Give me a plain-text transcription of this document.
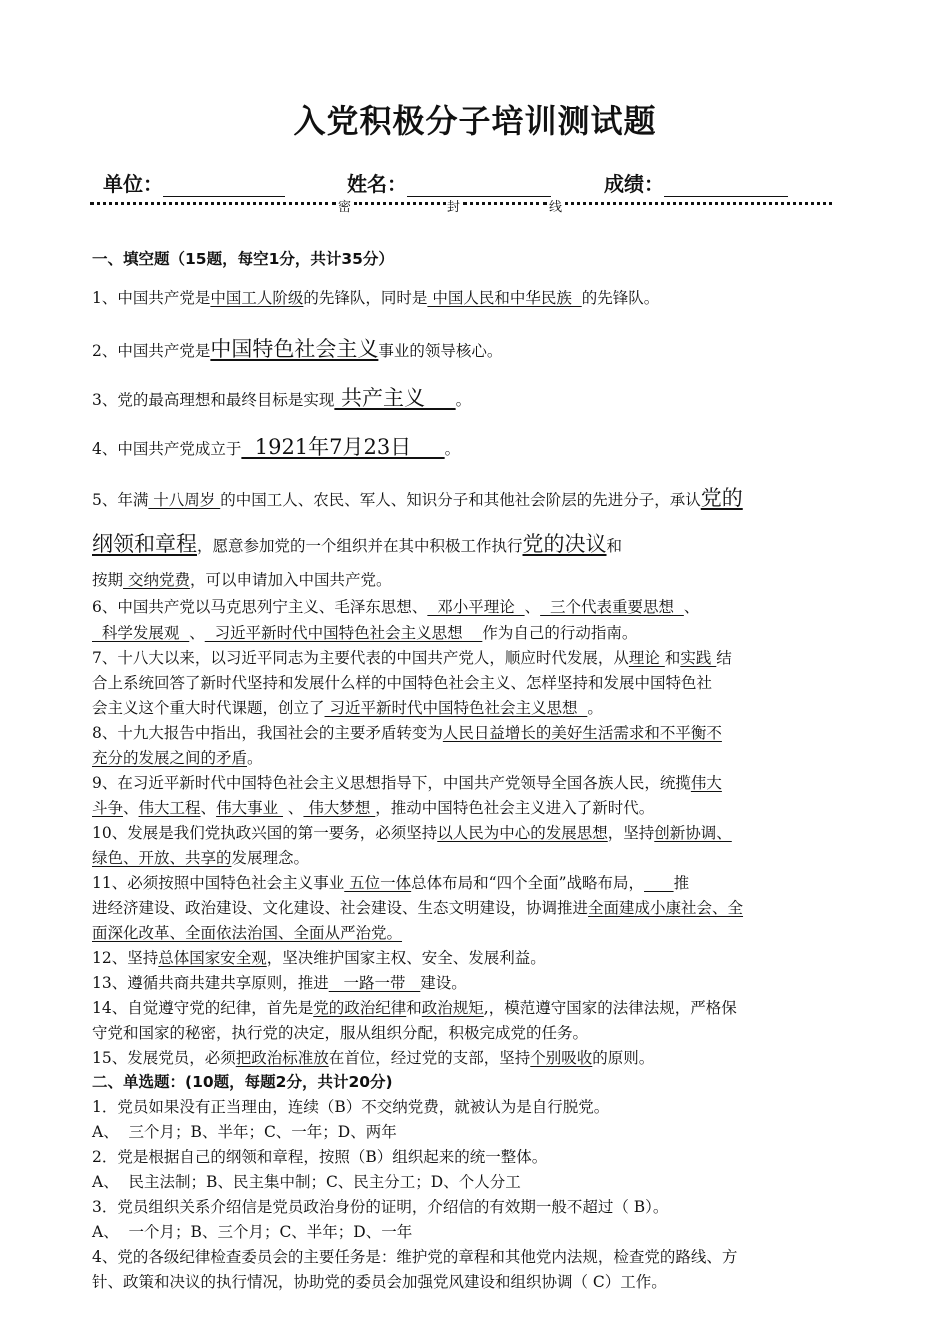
入党积极分子培训测试题
单位：	姓名：	成绩：
密	封	线
一、填空题（15题，每空1分，共计35分）
1、中国共产党是中国工人阶级的先锋队，同时是 中国人民和中华民族  的先锋队。
2、中国共产党是中国特色社会主义事业的领导核心。
3、党的最高理想和最终目标是实现 共产主义   _。
4、中国共产党成立于  1921年7月23日     。
5、年满 十八周岁 的中国工人、农民、军人、知识分子和其他社会阶层的先进分子，承认党的
纲领和章程，愿意参加党的一个组织并在其中积极工作执行党的决议和
按期 交纳党费，可以申请加入中国共产党。
6、中国共产党以马克思列宁主义、毛泽东思想、  邓小平理论  、  三个代表重要思想  、
科学发展观  、  习近平新时代中国特色社会主义思想    作为自己的行动指南。
7、十八大以来，以习近平同志为主要代表的中国共产党人，顺应时代发展，从理论 和实践 结
合上系统回答了新时代坚持和发展什么样的中国特色社会主义、怎样坚持和发展中国特色社
会主义这个重大时代课题，创立了 习近平新时代中国特色社会主义思想  。
8、十九大报告中指出，我国社会的主要矛盾转变为人民日益增长的美好生活需求和不平衡不
充分的发展之间的矛盾。
9、在习近平新时代中国特色社会主义思想指导下，中国共产党领导全国各族人民，统揽伟大
斗争、伟大工程、伟大事业  、 伟大梦想 ，推动中国特色社会主义进入了新时代。
10、发展是我们党执政兴国的第一要务，必须坚持以人民为中心的发展思想，坚持创新协调、
绿色、开放、共享的发展理念。
11、必须按照中国特色社会主义事业 五位一体总体布局和“四个全面”战略布局， 推
进经济建设、政治建设、文化建设、社会建设、生态文明建设，协调推进全面建成小康社会、全
面深化改革、全面依法治国、全面从严治党。
12、坚持总体国家安全观，坚决维护国家主权、安全、发展利益。
13、遵循共商共建共享原则，推进   一路一带   建设。
14、自觉遵守党的纪律，首先是党的政治纪律和政治规矩,，模范遵守国家的法律法规，严格保
守党和国家的秘密，执行党的决定，服从组织分配，积极完成党的任务。
15、发展党员，必须把政治标准放在首位，经过党的支部，坚持个别吸收的原则。
二、单选题：(10题，每题2分，共计20分)
1．党员如果没有正当理由，连续（B）不交纳党费，就被认为是自行脱党。
A、  三个月；B、半年；C、一年；D、两年
2．党是根据自己的纲领和章程，按照（B）组织起来的统一整体。
A、  民主法制；B、民主集中制；C、民主分工；D、个人分工
3．党员组织关系介绍信是党员政治身份的证明，介绍信的有效期一般不超过（ B）。
A、  一个月；B、三个月；C、半年；D、一年
4、党的各级纪律检查委员会的主要任务是：维护党的章程和其他党内法规，检查党的路线、方
针、政策和决议的执行情况，协助党的委员会加强党风建设和组织协调（ C）工作。
